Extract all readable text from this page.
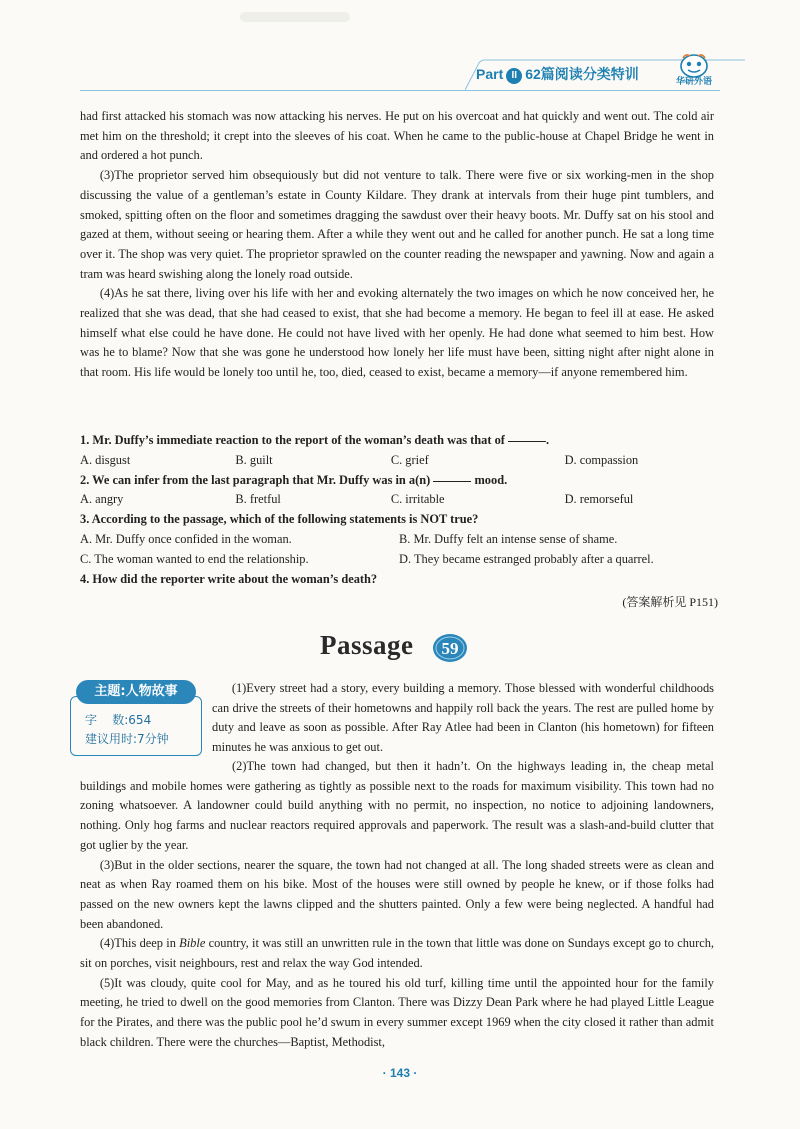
Part II 62篇阅读分类特训	华研外语

had first attacked his stomach was now attacking his nerves. He put on his overcoat and hat quickly and went out. The cold air met him on the threshold; it crept into the sleeves of his coat. When he came to the public-house at Chapel Bridge he went in and ordered a hot punch.

(3)The proprietor served him obsequiously but did not venture to talk. There were five or six working-men in the shop discussing the value of a gentleman’s estate in County Kildare. They drank at intervals from their huge pint tumblers, and smoked, spitting often on the floor and sometimes dragging the sawdust over their heavy boots. Mr. Duffy sat on his stool and gazed at them, without seeing or hearing them. After a while they went out and he called for another punch. He sat a long time over it. The shop was very quiet. The proprietor sprawled on the counter reading the newspaper and yawning. Now and again a tram was heard swishing along the lonely road outside.

(4)As he sat there, living over his life with her and evoking alternately the two images on which he now conceived her, he realized that she was dead, that she had ceased to exist, that she had become a memory. He began to feel ill at ease. He asked himself what else could he have done. He could not have lived with her openly. He had done what seemed to him best. How was he to blame? Now that she was gone he understood how lonely her life must have been, sitting night after night alone in that room. His life would be lonely too until he, too, died, ceased to exist, became a memory—if anyone remembered him.

1. Mr. Duffy’s immediate reaction to the report of the woman’s death was that of	.
A. disgust	B. guilt	C. grief	D. compassion
2. We can infer from the last paragraph that Mr. Duffy was in a(n)	mood.
A. angry	B. fretful	C. irritable	D. remorseful
3. According to the passage, which of the following statements is NOT true?
A. Mr. Duffy once confided in the woman.	B. Mr. Duffy felt an intense sense of shame.
C. The woman wanted to end the relationship.	D. They became estranged probably after a quarrel.
4. How did the reporter write about the woman’s death?
(答案解析见 P151)
Passage 59
字    数:654
建议用时:7分钟
主题:人物故事	(1)Every street had a story, every building a memory. Those blessed with wonderful childhoods can drive the streets of their hometowns and happily roll back the years. The rest are pulled home by duty and leave as soon as possible. After Ray Atlee had been in Clanton (his hometown) for fifteen minutes he was anxious to get out.

(2)The town had changed, but then it hadn’t. On the highways leading in, the cheap metal buildings and mobile homes were gathering as tightly as possible next to the roads for maximum visibility. This town had no zoning whatsoever. A landowner could build anything with no permit, no inspection, no notice to adjoining landowners, nothing. Only hog farms and nuclear reactors required approvals and paperwork. The result was a slash-and-build clutter that got uglier by the year.

(3)But in the older sections, nearer the square, the town had not changed at all. The long shaded streets were as clean and neat as when Ray roamed them on his bike. Most of the houses were still owned by people he knew, or if those folks had passed on the new owners kept the lawns clipped and the shutters painted. Only a few were being neglected. A handful had been abandoned.

(4)This deep in Bible country, it was still an unwritten rule in the town that little was done on Sundays except go to church, sit on porches, visit neighbours, rest and relax the way God intended.

(5)It was cloudy, quite cool for May, and as he toured his old turf, killing time until the appointed hour for the family meeting, he tried to dwell on the good memories from Clanton. There was Dizzy Dean Park where he had played Little League for the Pirates, and there was the public pool he’d swum in every summer except 1969 when the city closed it rather than admit black children. There were the churches—Baptist, Methodist,

· 143 ·
